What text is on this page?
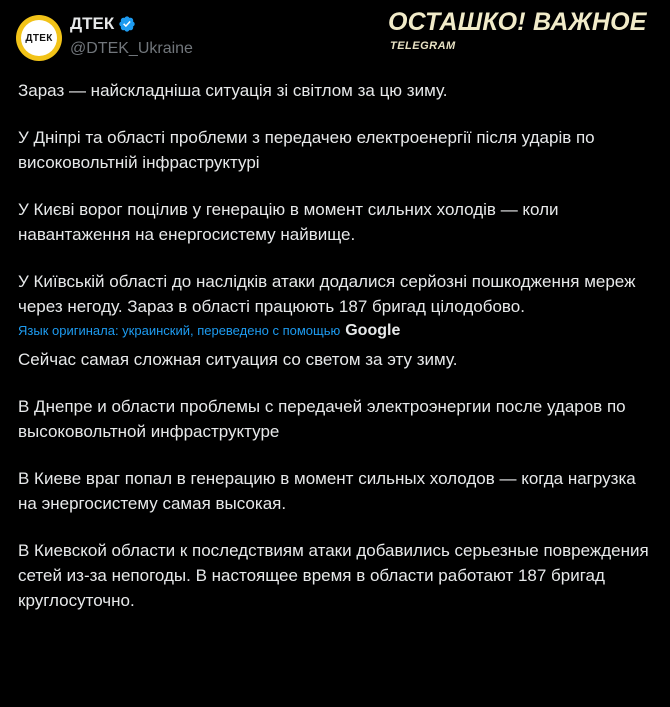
ДТЕК
ДТЕК
@DTEK_Ukraine
ОСТАШКО! ВАЖНОЕ
TELEGRAM

Зараз — найскладніша ситуація зі світлом за цю зиму.

У Дніпрі та області проблеми з передачею електроенергії після ударів по високовольтній інфраструктурі

У Києві ворог поцілив у генерацію в момент сильних холодів — коли навантаження на енергосистему найвище.

У Київській області до наслідків атаки додалися серйозні пошкодження мереж через негоду. Зараз в області працюють 187 бригад цілодобово.

Язык оригинала: украинский, переведено с помощью Google

Сейчас самая сложная ситуация со светом за эту зиму.

В Днепре и области проблемы с передачей электроэнергии после ударов по высоковольтной инфраструктуре

В Киеве враг попал в генерацию в момент сильных холодов — когда нагрузка на энергосистему самая высокая.

В Киевской области к последствиям атаки добавились серьезные повреждения

сетей из-за непогоды. В настоящее время в области работают 187 бригад круглосуточно.
